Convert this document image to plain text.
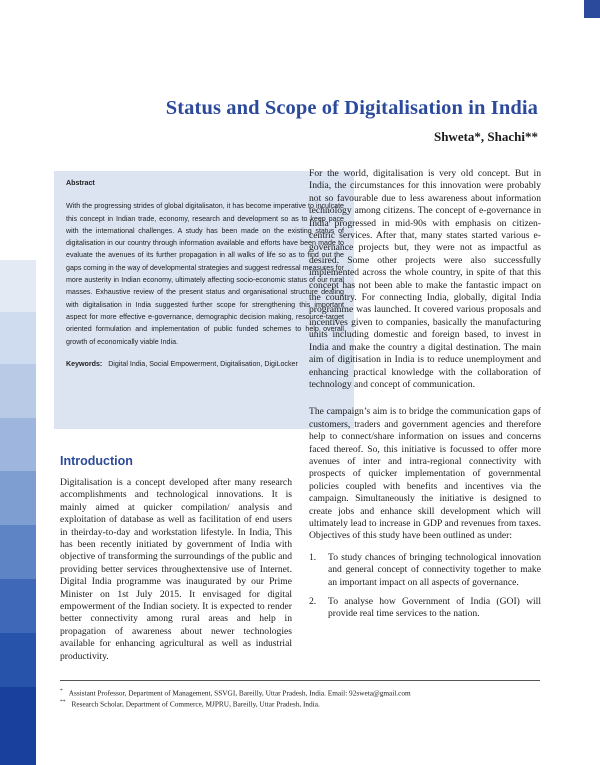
Status and Scope of Digitalisation in India
Shweta*, Shachi**
Abstract
With the progressing strides of global digitalisaton, it has become imperative to inculcate this concept in Indian trade, economy, research and development so as to keep pace with the international challenges. A study has been made on the existing status of digitalisation in our country through information available and efforts have been made to evaluate the avenues of its further propagation in all walks of life so as to find out the gaps coming in the way of developmental strategies and suggest redressal measures for more austerity in Indian economy, ultimately affecting socio-economic status of our rural masses. Exhaustive review of the present status and organisational structure dealing with digitalisation in India suggested further scope for strengthening this important aspect for more effective e-governance, demographic decision making, resource-target oriented formulation and implementation of public funded schemes to help overall growth of economically viable India.
Keywords: Digital India, Social Empowerment, Digitalisation, DigiLocker
Introduction

Digitalisation is a concept developed after many research accomplishments and technological innovations. It is mainly aimed at quicker compilation/ analysis and exploitation of database as well as facilitation of end users in theirday-to-day and workstation lifestyle. In India, This has been recently initiated by government of India with objective of transforming the surroundings of the public and providing better services throughextensive use of Internet. Digital India programme was inaugurated by our Prime Minister on 1st July 2015. It envisaged for digital empowerment of the Indian society. It is expected to render better connectivity among rural areas and help in propagation of awareness about newer technologies available for enhancing agricultural as well as industrial productivity.

For the world, digitalisation is very old concept. But in India, the circumstances for this innovation were probably not so favourable due to less awareness about information technology among citizens. The concept of e-governance in India progressed in mid-90s with emphasis on citizen-centric services. After that, many states started various e-governance projects but, they were not as impactful as desired. Some other projects were also successfully implemented across the whole country, in spite of that this concept has not been able to make the fantastic impact on the country. For connecting India, globally, digital India programme was launched. It covered various proposals and incentives given to companies, basically the manufacturing units including domestic and foreign based, to invest in India and make the country a digital destination. The main aim of digitisation in India is to reduce unemployment and enhancing practical knowledge with the collaboration of technology and concept of communication.

The campaign’s aim is to bridge the communication gaps of customers, traders and government agencies and therefore help to connect/share information on issues and concerns faced thereof. So, this initiative is focussed to offer more avenues of inter and intra-regional connectivity with prospects of quicker implementation of governmental policies coupled with benefits and incentives via the campaign. Simultaneously the initiative is designed to create jobs and enhance skill development which will ultimately lead to increase in GDP and revenues from taxes. Objectives of this study have been outlined as under:

1. To study chances of bringing technological innovation and general concept of connectivity together to make an important impact on all aspects of governance.
2. To analyse how Government of India (GOI) will provide real time services to the nation.
* Assistant Professor, Department of Management, SSVGI, Bareilly, Uttar Pradesh, India. Email: 92sweta@gmail.com
** Research Scholar, Department of Commerce, MJPRU, Bareilly, Uttar Pradesh, India.
